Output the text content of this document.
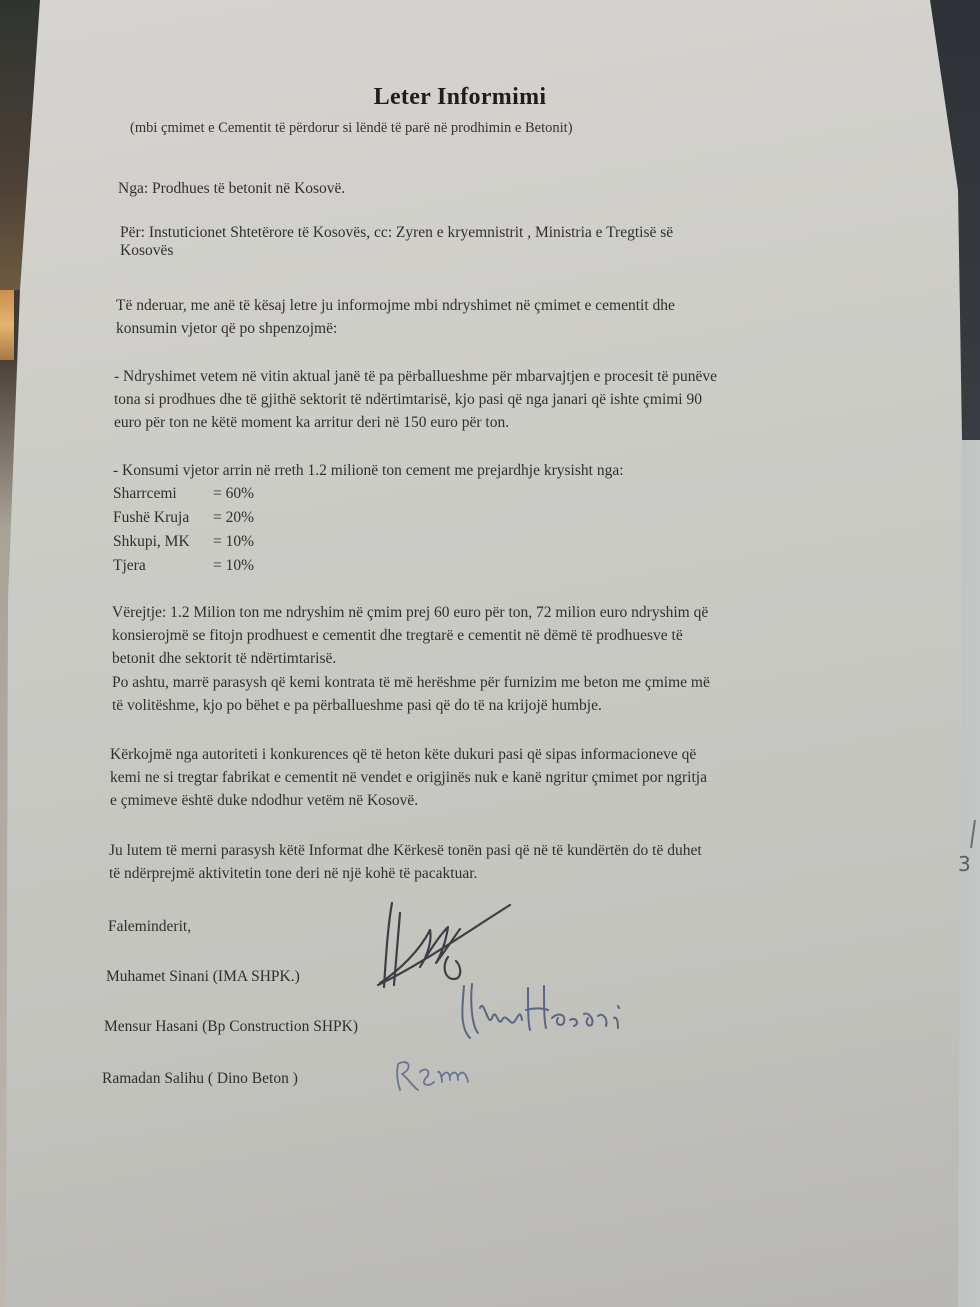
Leter Informimi
(mbi çmimet e Cementit të përdorur si lëndë të parë në prodhimin e Betonit)
Nga: Prodhues të betonit në Kosovë.
Për: Instuticionet Shtetërore të Kosovës, cc: Zyren e kryemnistrit , Ministria e Tregtisë së
Kosovës
Të nderuar, me anë të kësaj letre ju informojme mbi ndryshimet në çmimet e cementit dhe
konsumin vjetor që po shpenzojmë:
- Ndryshimet vetem në vitin aktual janë të pa përballueshme për mbarvajtjen e procesit të punëve
tona si prodhues dhe të gjithë sektorit të ndërtimtarisë, kjo pasi që nga janari që ishte çmimi 90
euro për ton ne këtë moment ka arritur deri në 150 euro për ton.
- Konsumi vjetor arrin në rreth 1.2 milionë ton cement me prejardhje krysisht nga:
Sharrcemi	= 60%
Fushë Kruja	= 20%
Shkupi, MK	= 10%
Tjera	= 10%
Vërejtje: 1.2 Milion ton me ndryshim në çmim prej 60 euro për ton, 72 milion euro ndryshim që
konsierojmë se fitojn prodhuest e cementit dhe tregtarë e cementit në dëmë të prodhuesve të
betonit dhe sektorit të ndërtimtarisë.
Po ashtu, marrë parasysh që kemi kontrata të më herëshme për furnizim me beton me çmime më
të volitëshme, kjo po bëhet e pa përballueshme pasi që do të na krijojë humbje.
Kërkojmë nga autoriteti i konkurences që të heton këte dukuri pasi që sipas informacioneve që
kemi ne si tregtar fabrikat e cementit në vendet e origjinës nuk e kanë ngritur çmimet por ngritja
e çmimeve është duke ndodhur vetëm në Kosovë.
Ju lutem të merni parasysh këtë Informat dhe Kërkesë tonën pasi që në të kundërtën do të duhet
të ndërprejmë aktivitetin tone deri në një kohë të pacaktuar.
Faleminderit,
Muhamet Sinani (IMA SHPK.)
Mensur Hasani (Bp Construction SHPK)
Ramadan Salihu ( Dino Beton )
3
